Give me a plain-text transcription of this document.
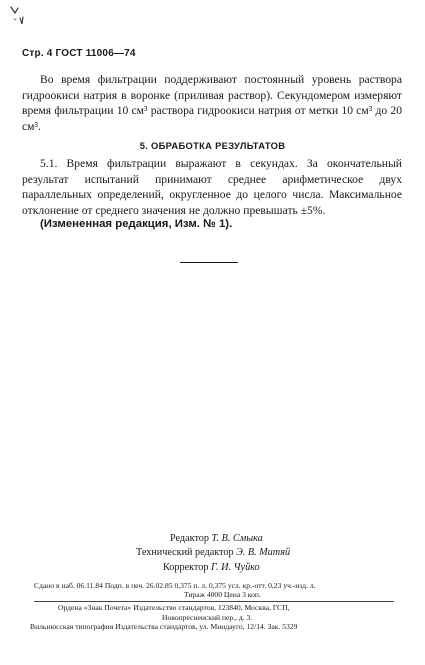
Стр. 4 ГОСТ 11006—74

Во время фильтрации поддерживают постоянный уровень раствора гидроокиси натрия в воронке (приливая раствор). Секундомером измеряют время фильтрации 10 см³ раствора гидроокиси натрия от метки 10 см³ до 20 см³.

5. ОБРАБОТКА РЕЗУЛЬТАТОВ

5.1. Время фильтрации выражают в секундах. За окончательный результат испытаний принимают среднее арифметическое двух параллельных определений, округленное до целого числа. Максимальное отклонение от среднего значения не должно превышать ±5%.

(Измененная редакция, Изм. № 1).
Редактор Т. В. Смыка
Технический редактор Э. В. Митяй
Корректор Г. И. Чуйко
Сдано в наб. 06.11.84 Подп. в печ. 26.02.85 0,375 п. л. 0,375 усл. кр.-отт. 0,23 уч.-изд. л.
Тираж 4000 Цена 3 коп.
Ордена «Знак Почета» Издательство стандартов, 123840, Москва, ГСП,
Новопресненский пер., д. 3.
Вильнюсская типография Издательства стандартов, ул. Миндауго, 12/14. Зак. 5329
